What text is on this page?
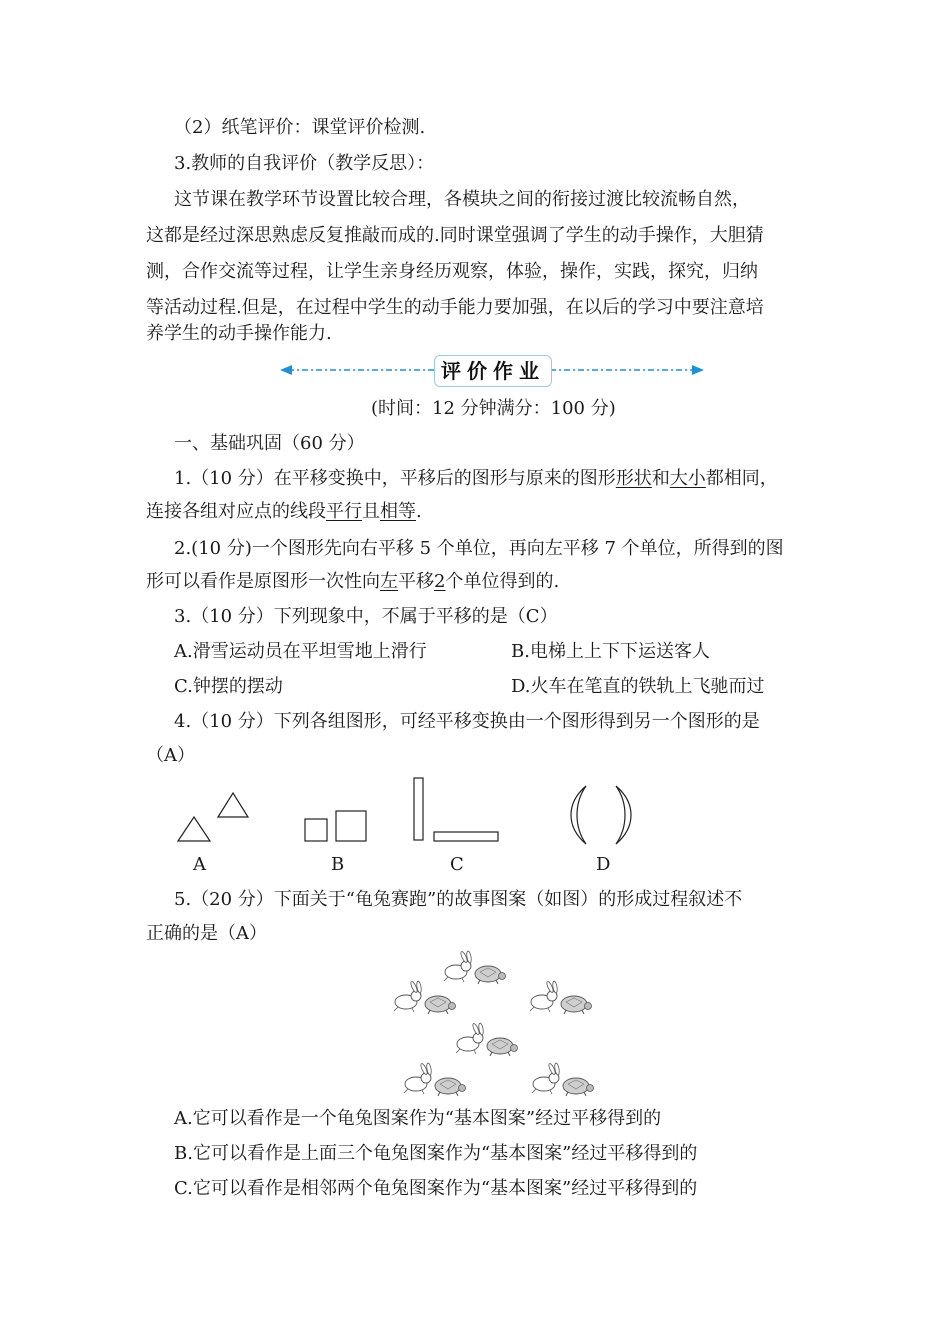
（2）纸笔评价：课堂评价检测.
3.教师的自我评价（教学反思）：
这节课在教学环节设置比较合理，各模块之间的衔接过渡比较流畅自然，
这都是经过深思熟虑反复推敲而成的.同时课堂强调了学生的动手操作，大胆猜
测，合作交流等过程，让学生亲身经历观察，体验，操作，实践，探究，归纳
等活动过程.但是，在过程中学生的动手能力要加强，在以后的学习中要注意培
养学生的动手操作能力.
评价作业
(时间：12 分钟满分：100 分)
一、基础巩固（60 分）
1.（10 分）在平移变换中，平移后的图形与原来的图形形状和大小都相同，
连接各组对应点的线段平行且相等.
2.(10 分)一个图形先向右平移 5 个单位，再向左平移 7 个单位，所得到的图
形可以看作是原图形一次性向左平移2个单位得到的.
3.（10 分）下列现象中，不属于平移的是（C）
A.滑雪运动员在平坦雪地上滑行	B.电梯上上下下运送客人
C.钟摆的摆动	D.火车在笔直的铁轨上飞驰而过
4.（10 分）下列各组图形，可经平移变换由一个图形得到另一个图形的是
（A）
A	B	C	D
5.（20 分）下面关于“龟兔赛跑”的故事图案（如图）的形成过程叙述不
正确的是（A）
A.它可以看作是一个龟兔图案作为“基本图案”经过平移得到的
B.它可以看作是上面三个龟兔图案作为“基本图案”经过平移得到的
C.它可以看作是相邻两个龟兔图案作为“基本图案”经过平移得到的
